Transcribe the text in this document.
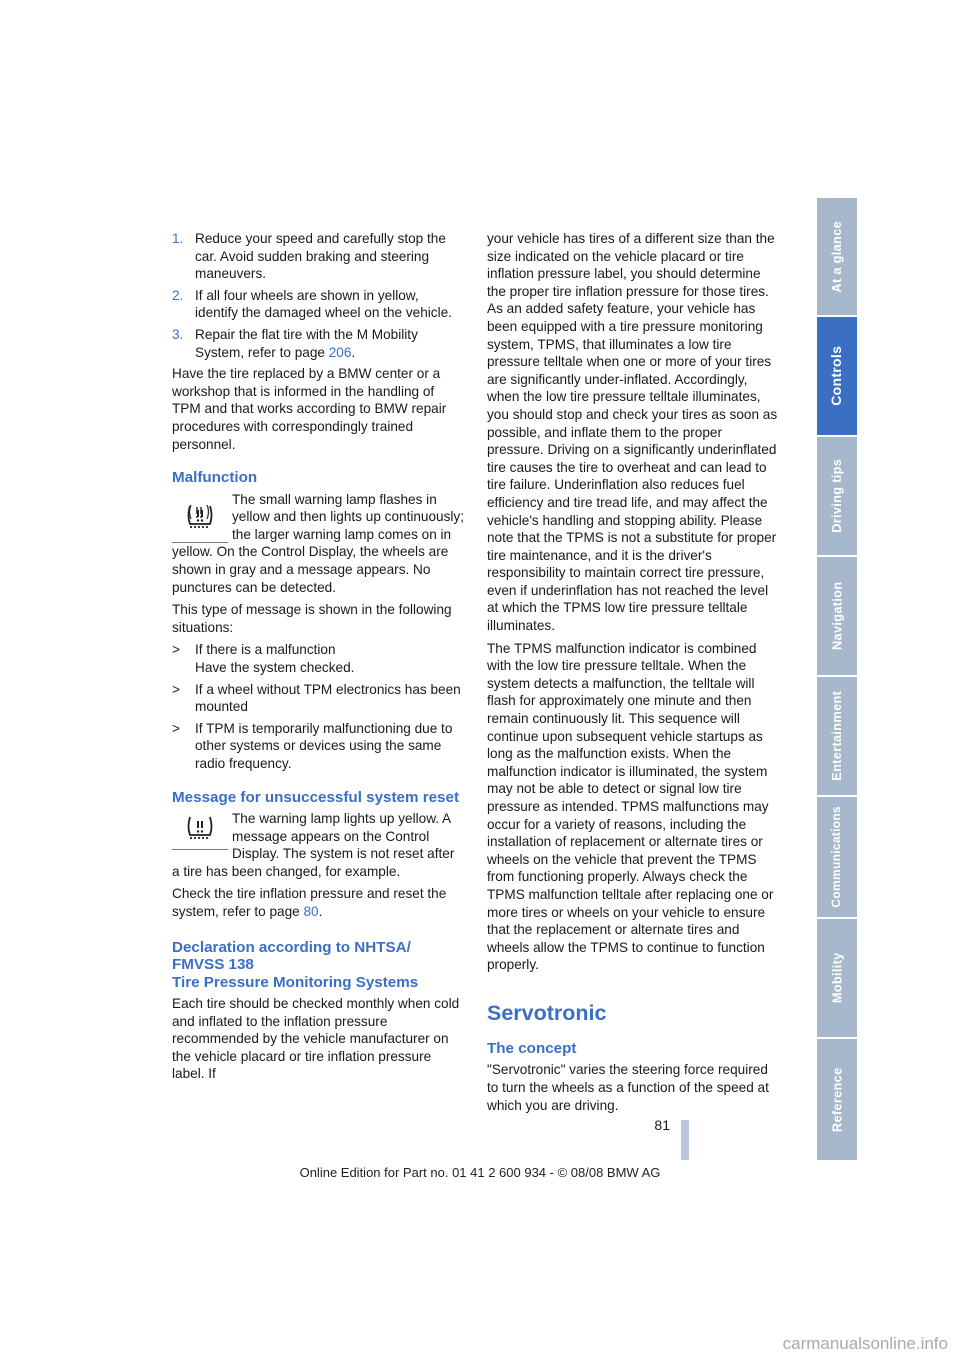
1. Reduce your speed and carefully stop the car. Avoid sudden braking and steering maneuvers.
2. If all four wheels are shown in yellow, identify the damaged wheel on the vehicle.
3. Repair the flat tire with the M Mobility System, refer to page 206.

Have the tire replaced by a BMW center or a workshop that is informed in the handling of TPM and that works according to BMW repair procedures with correspondingly trained personnel.

Malfunction

The small warning lamp flashes in yellow and then lights up continuously; the larger warning lamp comes on in yellow. On the Control Display, the wheels are shown in gray and a message appears. No punctures can be detected.

This type of message is shown in the following situations:

> If there is a malfunction
Have the system checked.
> If a wheel without TPM electronics has been mounted
> If TPM is temporarily malfunctioning due to other systems or devices using the same radio frequency.
Message for unsuccessful system reset

The warning lamp lights up yellow. A message appears on the Control Display. The system is not reset after a tire has been changed, for example.

Check the tire inflation pressure and reset the system, refer to page 80.

Declaration according to NHTSA/ FMVSS 138
Tire Pressure Monitoring Systems

Each tire should be checked monthly when cold and inflated to the inflation pressure recommended by the vehicle manufacturer on the vehicle placard or tire inflation pressure label. If

your vehicle has tires of a different size than the size indicated on the vehicle placard or tire inflation pressure label, you should determine the proper tire inflation pressure for those tires. As an added safety feature, your vehicle has been equipped with a tire pressure monitoring system, TPMS, that illuminates a low tire pressure telltale when one or more of your tires are significantly under-inflated. Accordingly, when the low tire pressure telltale illuminates, you should stop and check your tires as soon as possible, and inflate them to the proper pressure. Driving on a significantly underinflated tire causes the tire to overheat and can lead to tire failure. Underinflation also reduces fuel efficiency and tire tread life, and may affect the vehicle's handling and stopping ability. Please note that the TPMS is not a substitute for proper tire maintenance, and it is the driver's responsibility to maintain correct tire pressure, even if underinflation has not reached the level at which the TPMS low tire pressure telltale illuminates.

The TPMS malfunction indicator is combined with the low tire pressure telltale. When the system detects a malfunction, the telltale will flash for approximately one minute and then remain continuously lit. This sequence will continue upon subsequent vehicle startups as long as the malfunction exists. When the malfunction indicator is illuminated, the system may not be able to detect or signal low tire pressure as intended. TPMS malfunctions may occur for a variety of reasons, including the installation of replacement or alternate tires or wheels on the vehicle that prevent the TPMS from functioning properly. Always check the TPMS malfunction telltale after replacing one or more tires or wheels on your vehicle to ensure that the replacement or alternate tires and wheels allow the TPMS to continue to function properly.

Servotronic
The concept

"Servotronic" varies the steering force required to turn the wheels as a function of the speed at which you are driving.

At a glance
Controls
Driving tips
Navigation
Entertainment
Communications
Mobility
Reference
81
Online Edition for Part no. 01 41 2 600 934 - © 08/08 BMW AG
carmanualsonline.info
